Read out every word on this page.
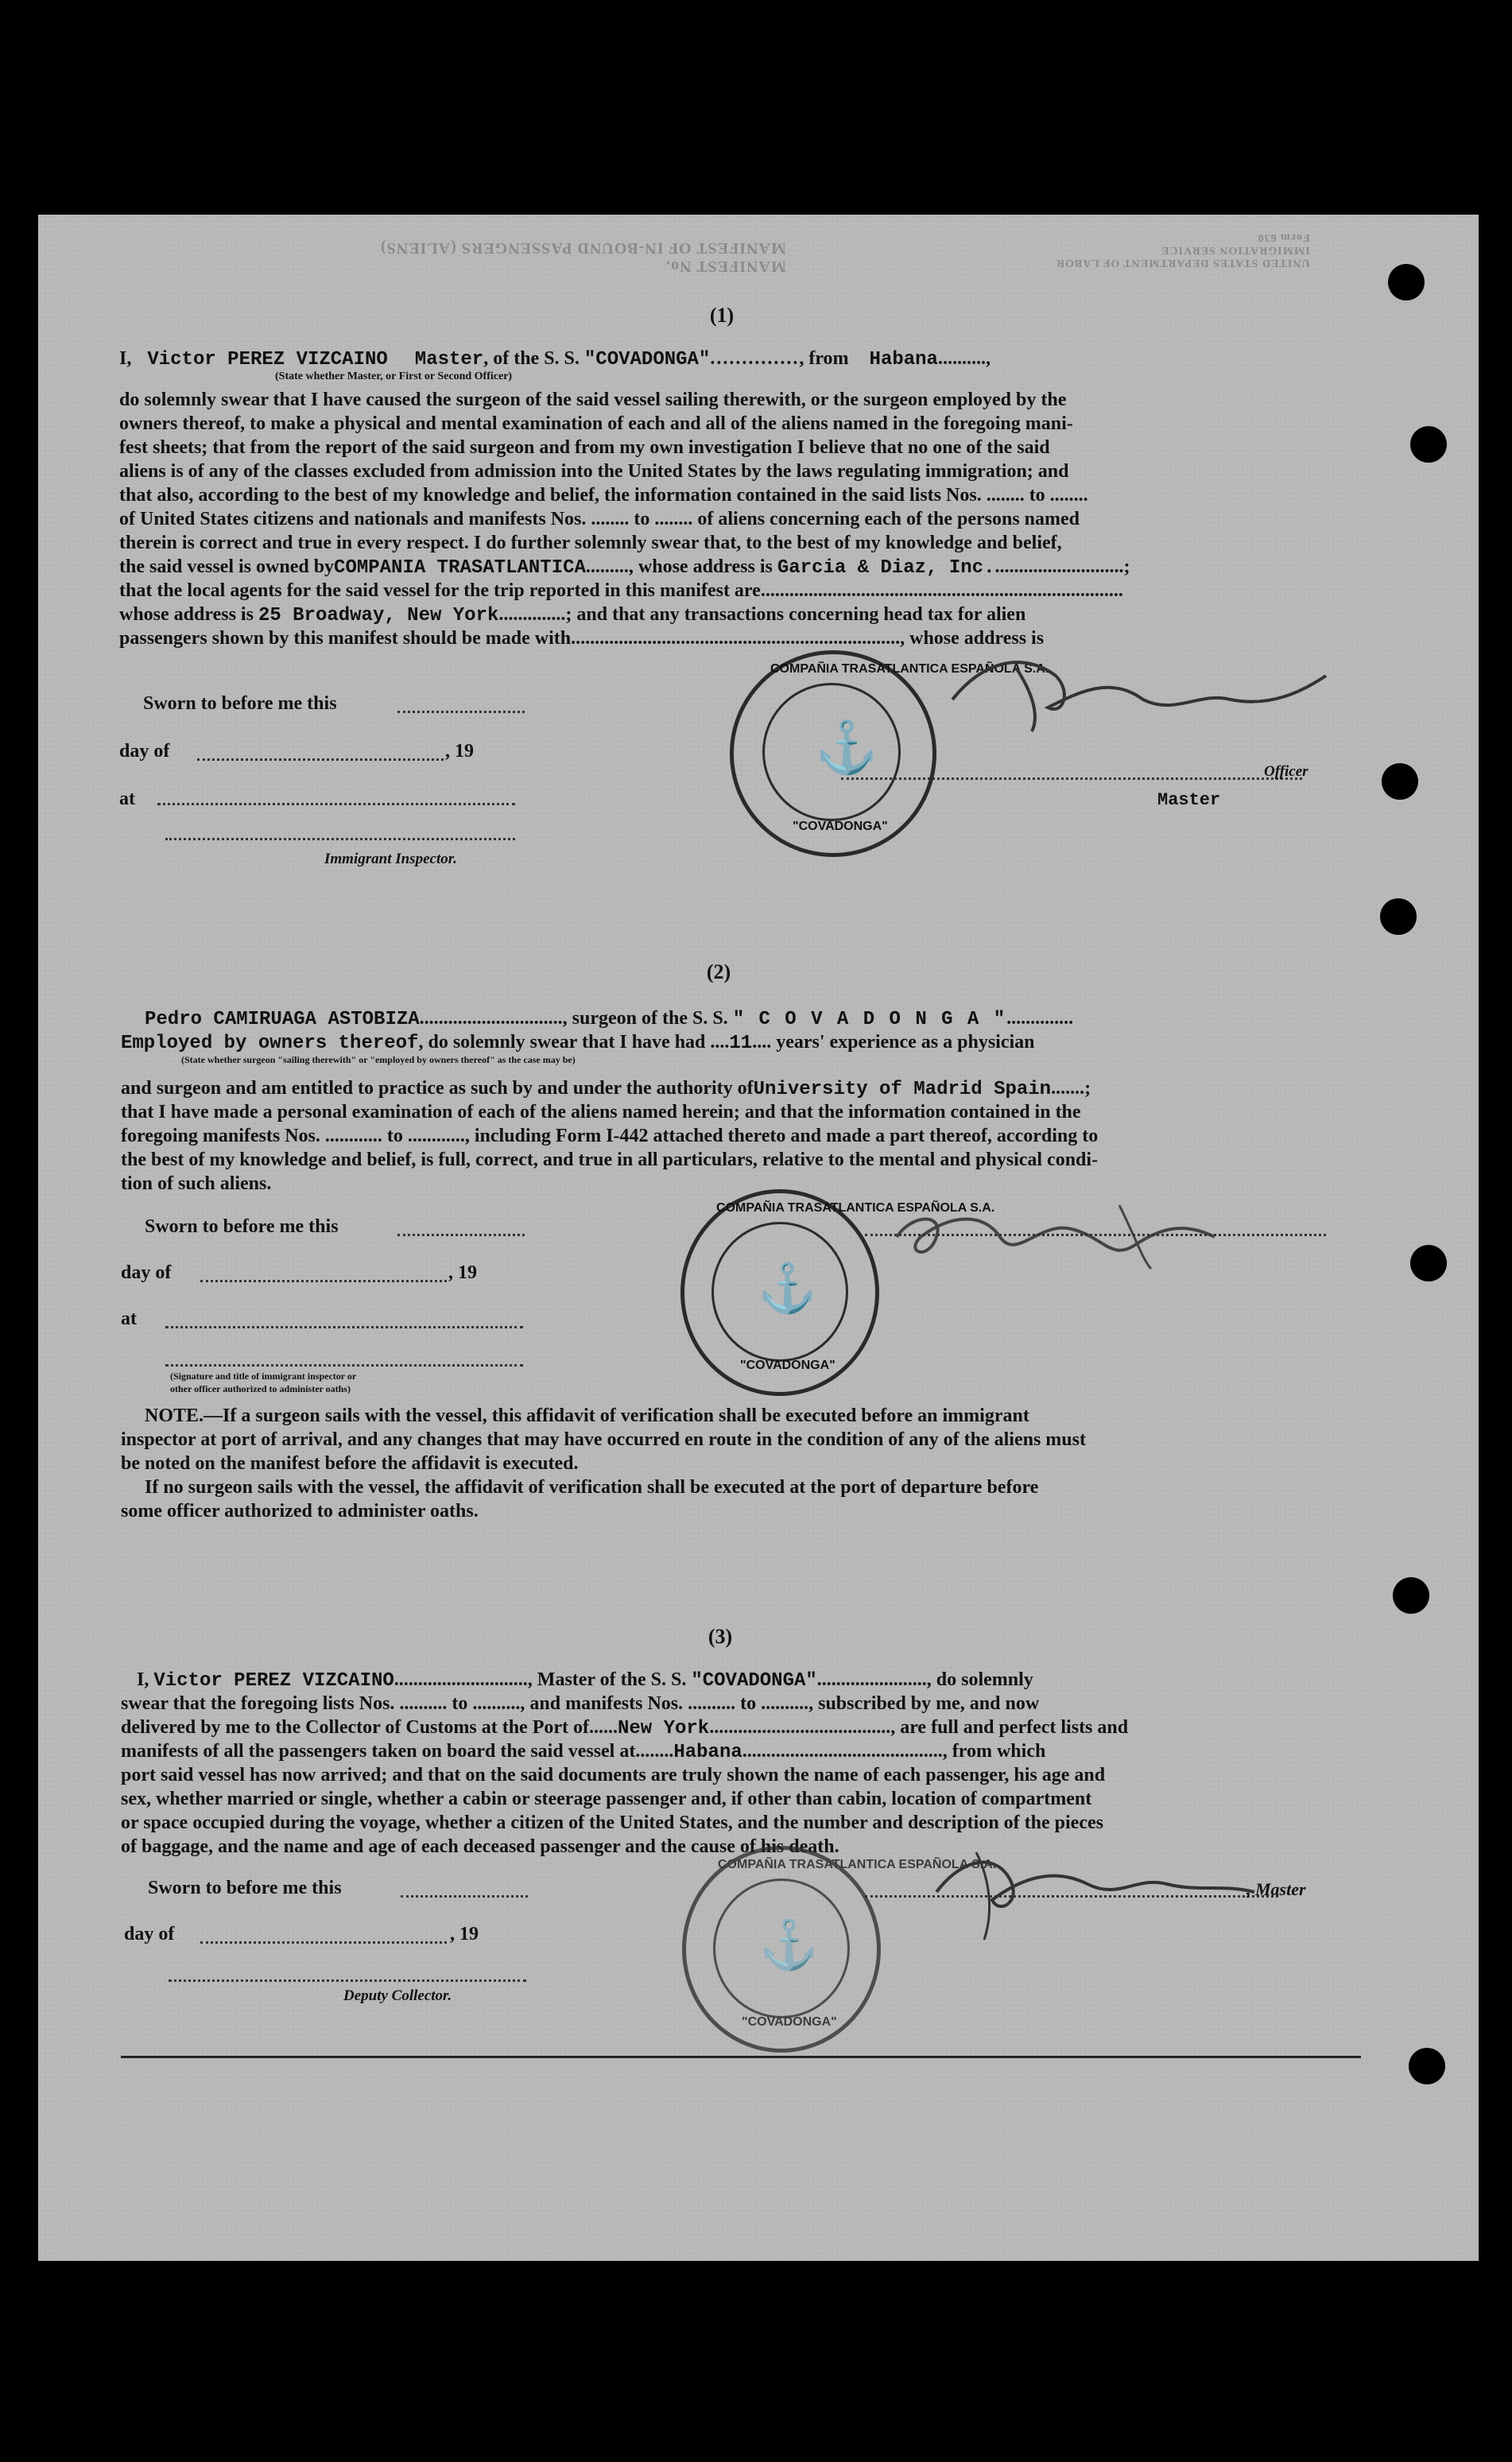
MANIFEST No.
MANIFEST OF IN-BOUND PASSENGERS (ALIENS)
UNITED STATES DEPARTMENT OF LABOR
IMMIGRATION SERVICE
Form 630
(1)
I, Victor PEREZ VIZCAINO Master, of the S. S. "COVADONGA".............., from Habana..........,
(State whether Master, or First or Second Officer)
do solemnly swear that I have caused the surgeon of the said vessel sailing therewith, or the surgeon employed by the
owners thereof, to make a physical and mental examination of each and all of the aliens named in the foregoing mani-
fest sheets; that from the report of the said surgeon and from my own investigation I believe that no one of the said
aliens is of any of the classes excluded from admission into the United States by the laws regulating immigration; and
that also, according to the best of my knowledge and belief, the information contained in the said lists Nos. ........ to ........
of United States citizens and nationals and manifests Nos. ........ to ........ of aliens concerning each of the persons named
therein is correct and true in every respect. I do further solemnly swear that, to the best of my knowledge and belief,
the said vessel is owned byCOMPANIA TRASATLANTICA........., whose address is Garcia & Diaz, Inc............................;
that the local agents for the said vessel for the trip reported in this manifest are............................................................................
whose address is 25 Broadway, New York..............; and that any transactions concerning head tax for alien
passengers shown by this manifest should be made with....................................................................., whose address is
Sworn to before me this
day of	, 19
at
Immigrant Inspector.
COMPAÑIA TRASATLANTICA ESPAÑOLA S.A.
⚓
"COVADONGA"
Officer
Master
(2)
Pedro CAMIRUAGA ASTOBIZA.............................., surgeon of the S. S. " C O V A D O N G A "..............
Employed by owners thereof, do solemnly swear that I have had ....11.... years' experience as a physician
(State whether surgeon "sailing therewith" or "employed by owners thereof" as the case may be)
and surgeon and am entitled to practice as such by and under the authority ofUniversity of Madrid Spain.......;
that I have made a personal examination of each of the aliens named herein; and that the information contained in the
foregoing manifests Nos. ............ to ............, including Form I-442 attached thereto and made a part thereof, according to
the best of my knowledge and belief, is full, correct, and true in all particulars, relative to the mental and physical condi-
tion of such aliens.
Sworn to before me this
day of	, 19
at
(Signature and title of immigrant inspector or
other officer authorized to administer oaths)
COMPAÑIA TRASATLANTICA ESPAÑOLA S.A.
⚓
"COVADONGA"
NOTE.—If a surgeon sails with the vessel, this affidavit of verification shall be executed before an immigrant
inspector at port of arrival, and any changes that may have occurred en route in the condition of any of the aliens must
be noted on the manifest before the affidavit is executed.
If no surgeon sails with the vessel, the affidavit of verification shall be executed at the port of departure before
some officer authorized to administer oaths.
(3)
I, Victor PEREZ VIZCAINO............................, Master of the S. S. "COVADONGA"......................., do solemnly
swear that the foregoing lists Nos. .......... to .........., and manifests Nos. .......... to .........., subscribed by me, and now
delivered by me to the Collector of Customs at the Port of......New York......................................, are full and perfect lists and
manifests of all the passengers taken on board the said vessel at........Habana.........................................., from which
port said vessel has now arrived; and that on the said documents are truly shown the name of each passenger, his age and
sex, whether married or single, whether a cabin or steerage passenger and, if other than cabin, location of compartment
or space occupied during the voyage, whether a citizen of the United States, and the number and description of the pieces
of baggage, and the name and age of each deceased passenger and the cause of his death.
Sworn to before me this	, Master
day of	, 19
Deputy Collector.
COMPAÑIA TRASATLANTICA ESPAÑOLA S.A.
⚓
"COVADONGA"
